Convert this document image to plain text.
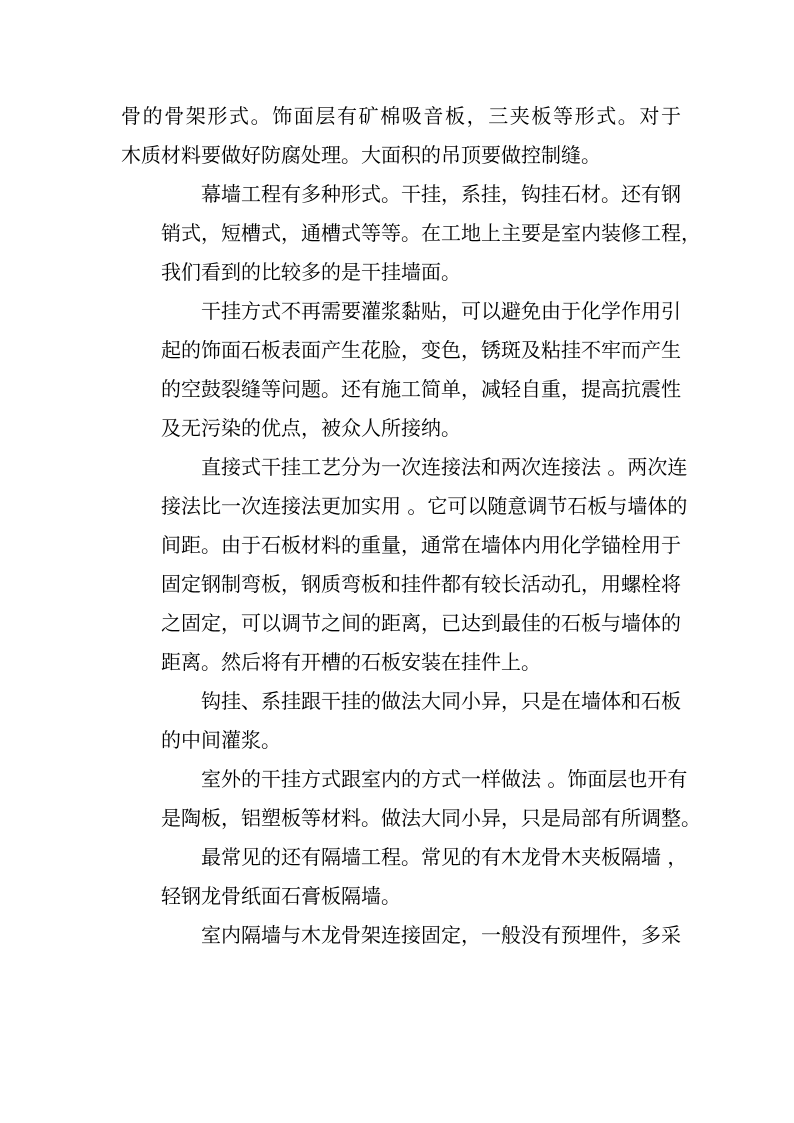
骨的骨架形式。饰面层有矿棉吸音板，三夹板等形式。对于
木质材料要做好防腐处理。大面积的吊顶要做控制缝。
幕墙工程有多种形式。干挂，系挂，钩挂石材。还有钢
销式，短槽式，通槽式等等。在工地上主要是室内装修工程，
我们看到的比较多的是干挂墙面。
干挂方式不再需要灌浆黏贴，可以避免由于化学作用引
起的饰面石板表面产生花脸，变色，锈斑及粘挂不牢而产生
的空鼓裂缝等问题。还有施工简单，减轻自重，提高抗震性
及无污染的优点，被众人所接纳。
直接式干挂工艺分为一次连接法和两次连接法 。两次连
接法比一次连接法更加实用 。它可以随意调节石板与墙体的
间距。由于石板材料的重量，通常在墙体内用化学锚栓用于
固定钢制弯板，钢质弯板和挂件都有较长活动孔，用螺栓将
之固定，可以调节之间的距离，已达到最佳的石板与墙体的
距离。然后将有开槽的石板安装在挂件上。
钩挂、系挂跟干挂的做法大同小异，只是在墙体和石板
的中间灌浆。
室外的干挂方式跟室内的方式一样做法 。饰面层也开有
是陶板，铝塑板等材料。做法大同小异，只是局部有所调整。
最常见的还有隔墙工程。常见的有木龙骨木夹板隔墙 ，
轻钢龙骨纸面石膏板隔墙。
室内隔墙与木龙骨架连接固定，一般没有预埋件，多采
